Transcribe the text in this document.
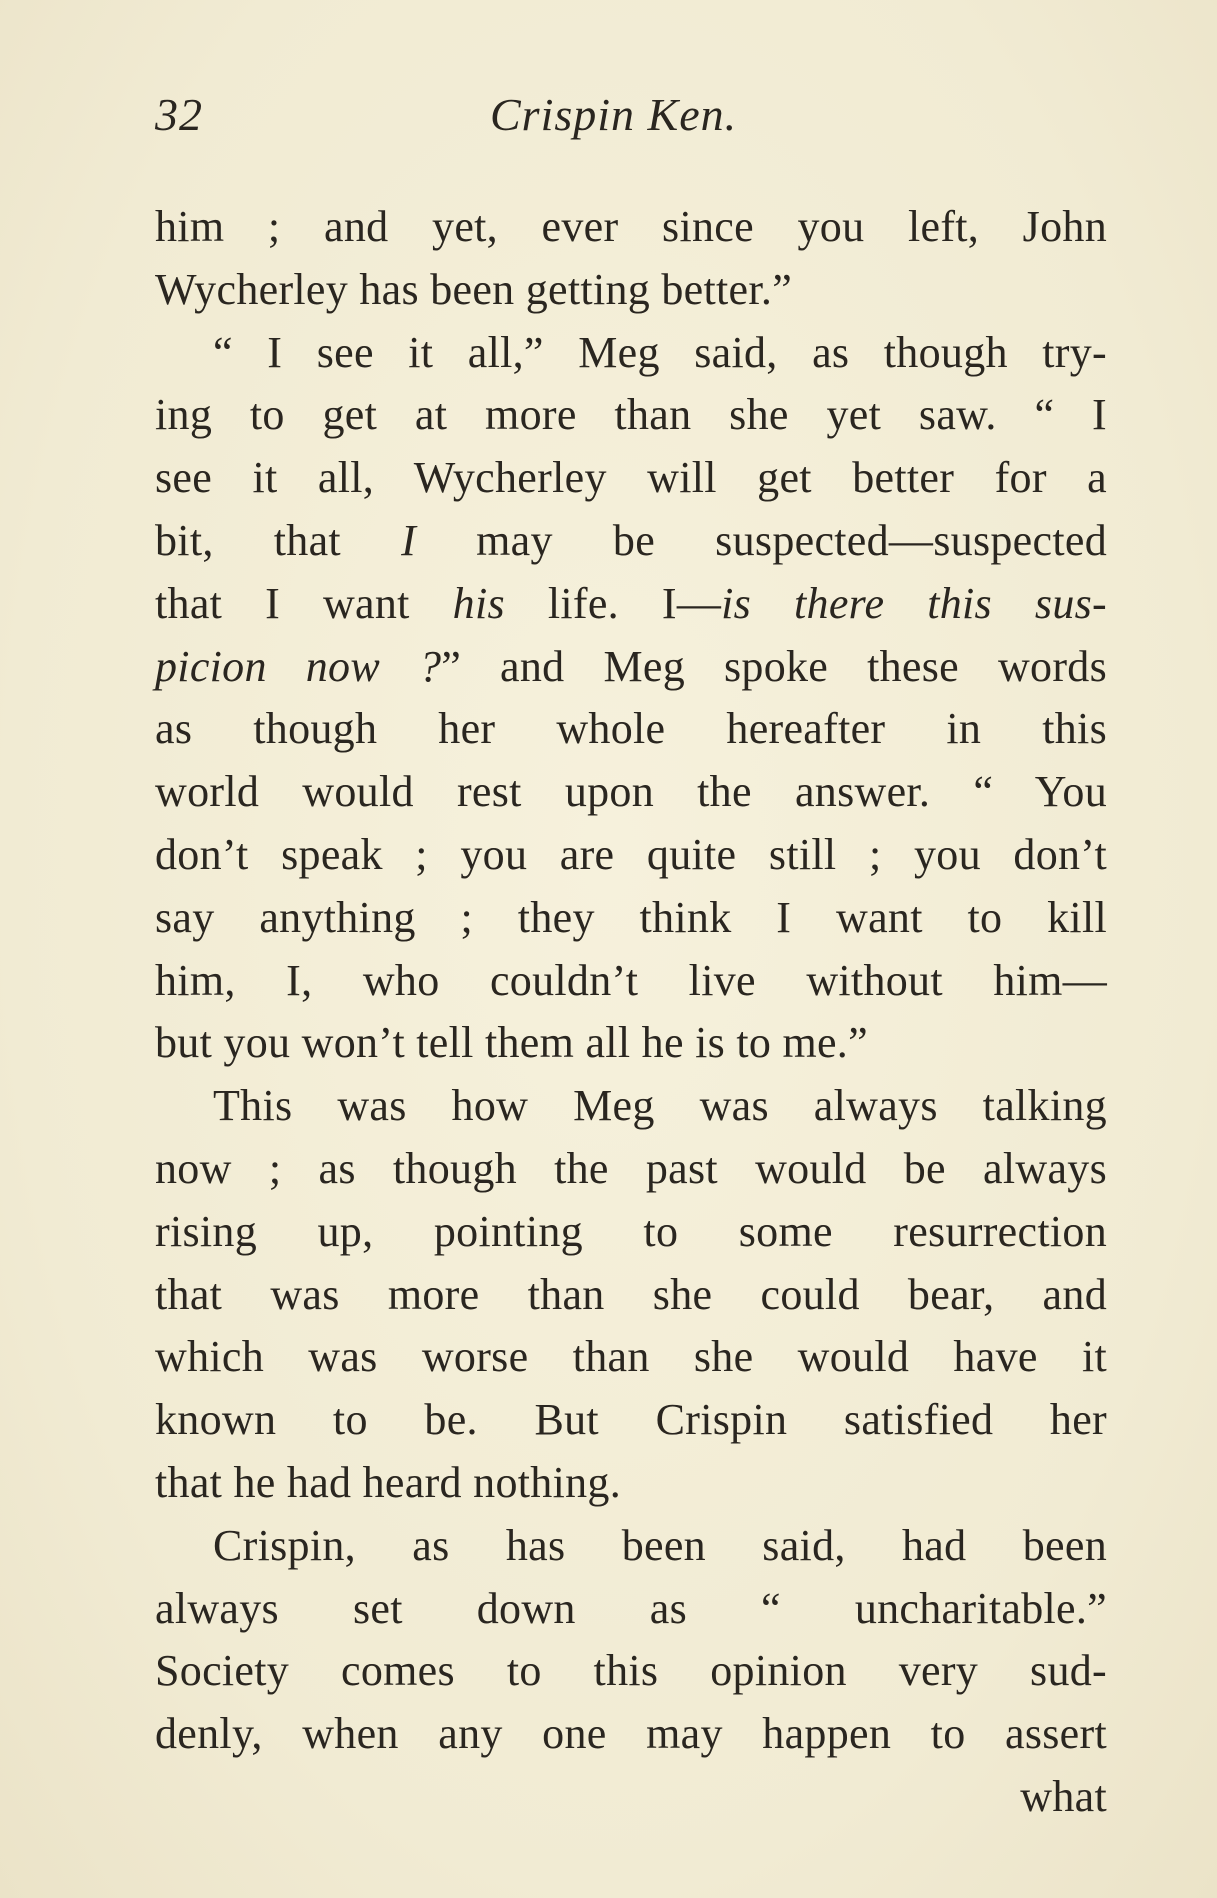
32	Crispin Ken.
him ; and yet, ever since you left, John
Wycherley has been getting better.”
“ I see it all,” Meg said, as though try-
ing to get at more than she yet saw. “ I
see it all, Wycherley will get better for a
bit, that I may be suspected—suspected
that I want his life. I—is there this sus-
picion now ?” and Meg spoke these words
as though her whole hereafter in this
world would rest upon the answer. “ You
don’t speak ; you are quite still ; you don’t
say anything ; they think I want to kill
him, I, who couldn’t live without him—
but you won’t tell them all he is to me.”
This was how Meg was always talking
now ; as though the past would be always
rising up, pointing to some resurrection
that was more than she could bear, and
which was worse than she would have it
known to be. But Crispin satisfied her
that he had heard nothing.
Crispin, as has been said, had been
always set down as “ uncharitable.”
Society comes to this opinion very sud-
denly, when any one may happen to assert
what
